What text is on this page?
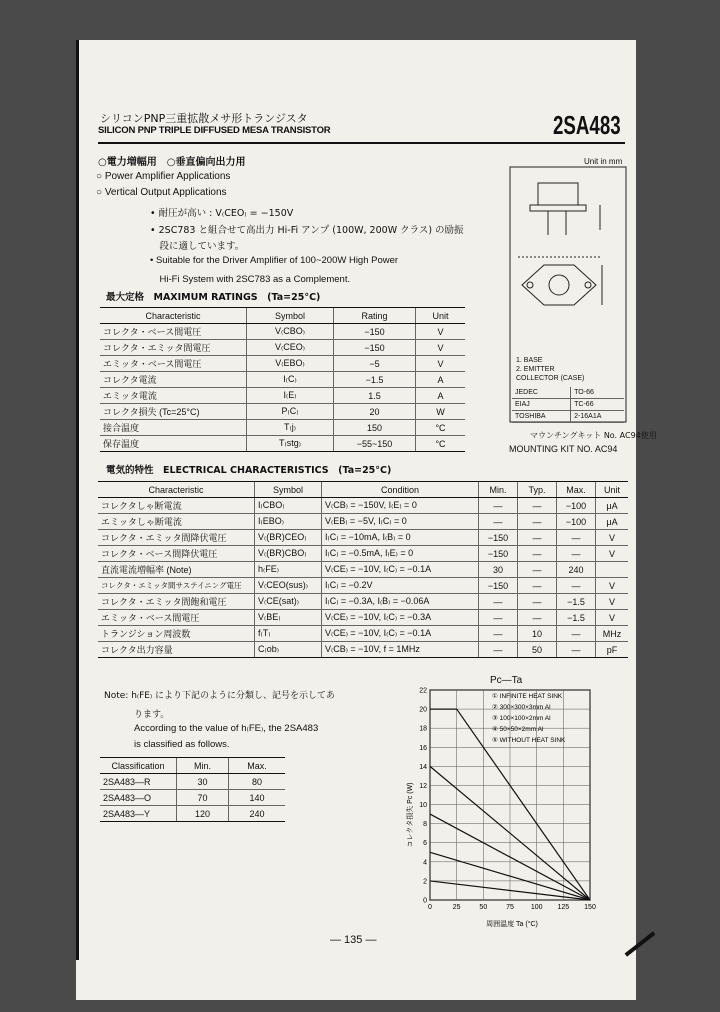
シリコンPNP三重拡散メサ形トランジスタ
SILICON PNP TRIPLE DIFFUSED MESA TRANSISTOR	2SA483
○電力増幅用　○垂直偏向出力用
○ Power Amplifier Applications
○ Vertical Output Applications
• 耐圧が高い : V₍CEO₎ = −150V
• 2SC783 と組合せて高出力 Hi-Fi アンプ (100W, 200W クラス) の励振
　段に適しています。
• Suitable for the Driver Amplifier of 100~200W High Power
　Hi-Fi System with 2SC783 as a Complement.
最大定格　MAXIMUM RATINGS　(Ta=25°C)
Characteristic	Symbol	Rating	Unit
コレクタ・ベース間電圧	V₍CBO₎	−150	V
コレクタ・エミッタ間電圧	V₍CEO₎	−150	V
エミッタ・ベース間電圧	V₍EBO₎	−5	V
コレクタ電流	I₍C₎	−1.5	A
エミッタ電流	I₍E₎	1.5	A
コレクタ損失 (Tc=25°C)	P₍C₎	20	W
接合温度	T₍j₎	150	°C
保存温度	T₍stg₎	−55~150	°C
Unit in mm
1. BASE
2. EMITTER
COLLECTOR (CASE)
JEDEC	TO-66
EIAJ	TC-66
TOSHIBA	2-16A1A
マウンチングキット No. AC94使用
MOUNTING KIT NO. AC94
電気的特性　ELECTRICAL CHARACTERISTICS　(Ta=25°C)
Characteristic	Symbol	Condition	Min.	Typ.	Max.	Unit
コレクタしゃ断電流	I₍CBO₎	V₍CB₎ = −150V, I₍E₎ = 0	—	—	−100	μA
エミッタしゃ断電流	I₍EBO₎	V₍EB₎ = −5V, I₍C₎ = 0	—	—	−100	μA
コレクタ・エミッタ間降伏電圧	V₍(BR)CEO₎	I₍C₎ = −10mA, I₍B₎ = 0	−150	—	—	V
コレクタ・ベース間降伏電圧	V₍(BR)CBO₎	I₍C₎ = −0.5mA, I₍E₎ = 0	−150	—	—	V
直流電流増幅率 (Note)	h₍FE₎	V₍CE₎ = −10V, I₍C₎ = −0.1A	30	—	240	
コレクタ・エミッタ間サステイニング電圧	V₍CEO(sus)₎	I₍C₎ = −0.2V	−150	—	—	V
コレクタ・エミッタ間飽和電圧	V₍CE(sat)₎	I₍C₎ = −0.3A, I₍B₎ = −0.06A	—	—	−1.5	V
エミッタ・ベース間電圧	V₍BE₎	V₍CE₎ = −10V, I₍C₎ = −0.3A	—	—	−1.5	V
トランジション周波数	f₍T₎	V₍CE₎ = −10V, I₍C₎ = −0.1A	—	10	—	MHz
コレクタ出力容量	C₍ob₎	V₍CB₎ = −10V, f = 1MHz	—	50	—	pF
Note: h₍FE₎ により下記のように分類し、記号を示してあ
ります。
According to the value of h₍FE₎, the 2SA483
is classified as follows.
Classification	Min.	Max.
2SA483—R	30	80
2SA483—O	70	140
2SA483—Y	120	240
Pc—Ta
0	25	50	75 100 125 150
0
2
4
6
8
10
12
14
16
18
20
22
① INFINITE HEAT SINK
② 300×300×3mm Al
③ 100×100×2mm Al
④ 50×50×2mm Al
⑤ WITHOUT HEAT SINK
周囲温度 Ta (°C)
コレクタ損失 Pc (W)
— 135 —
